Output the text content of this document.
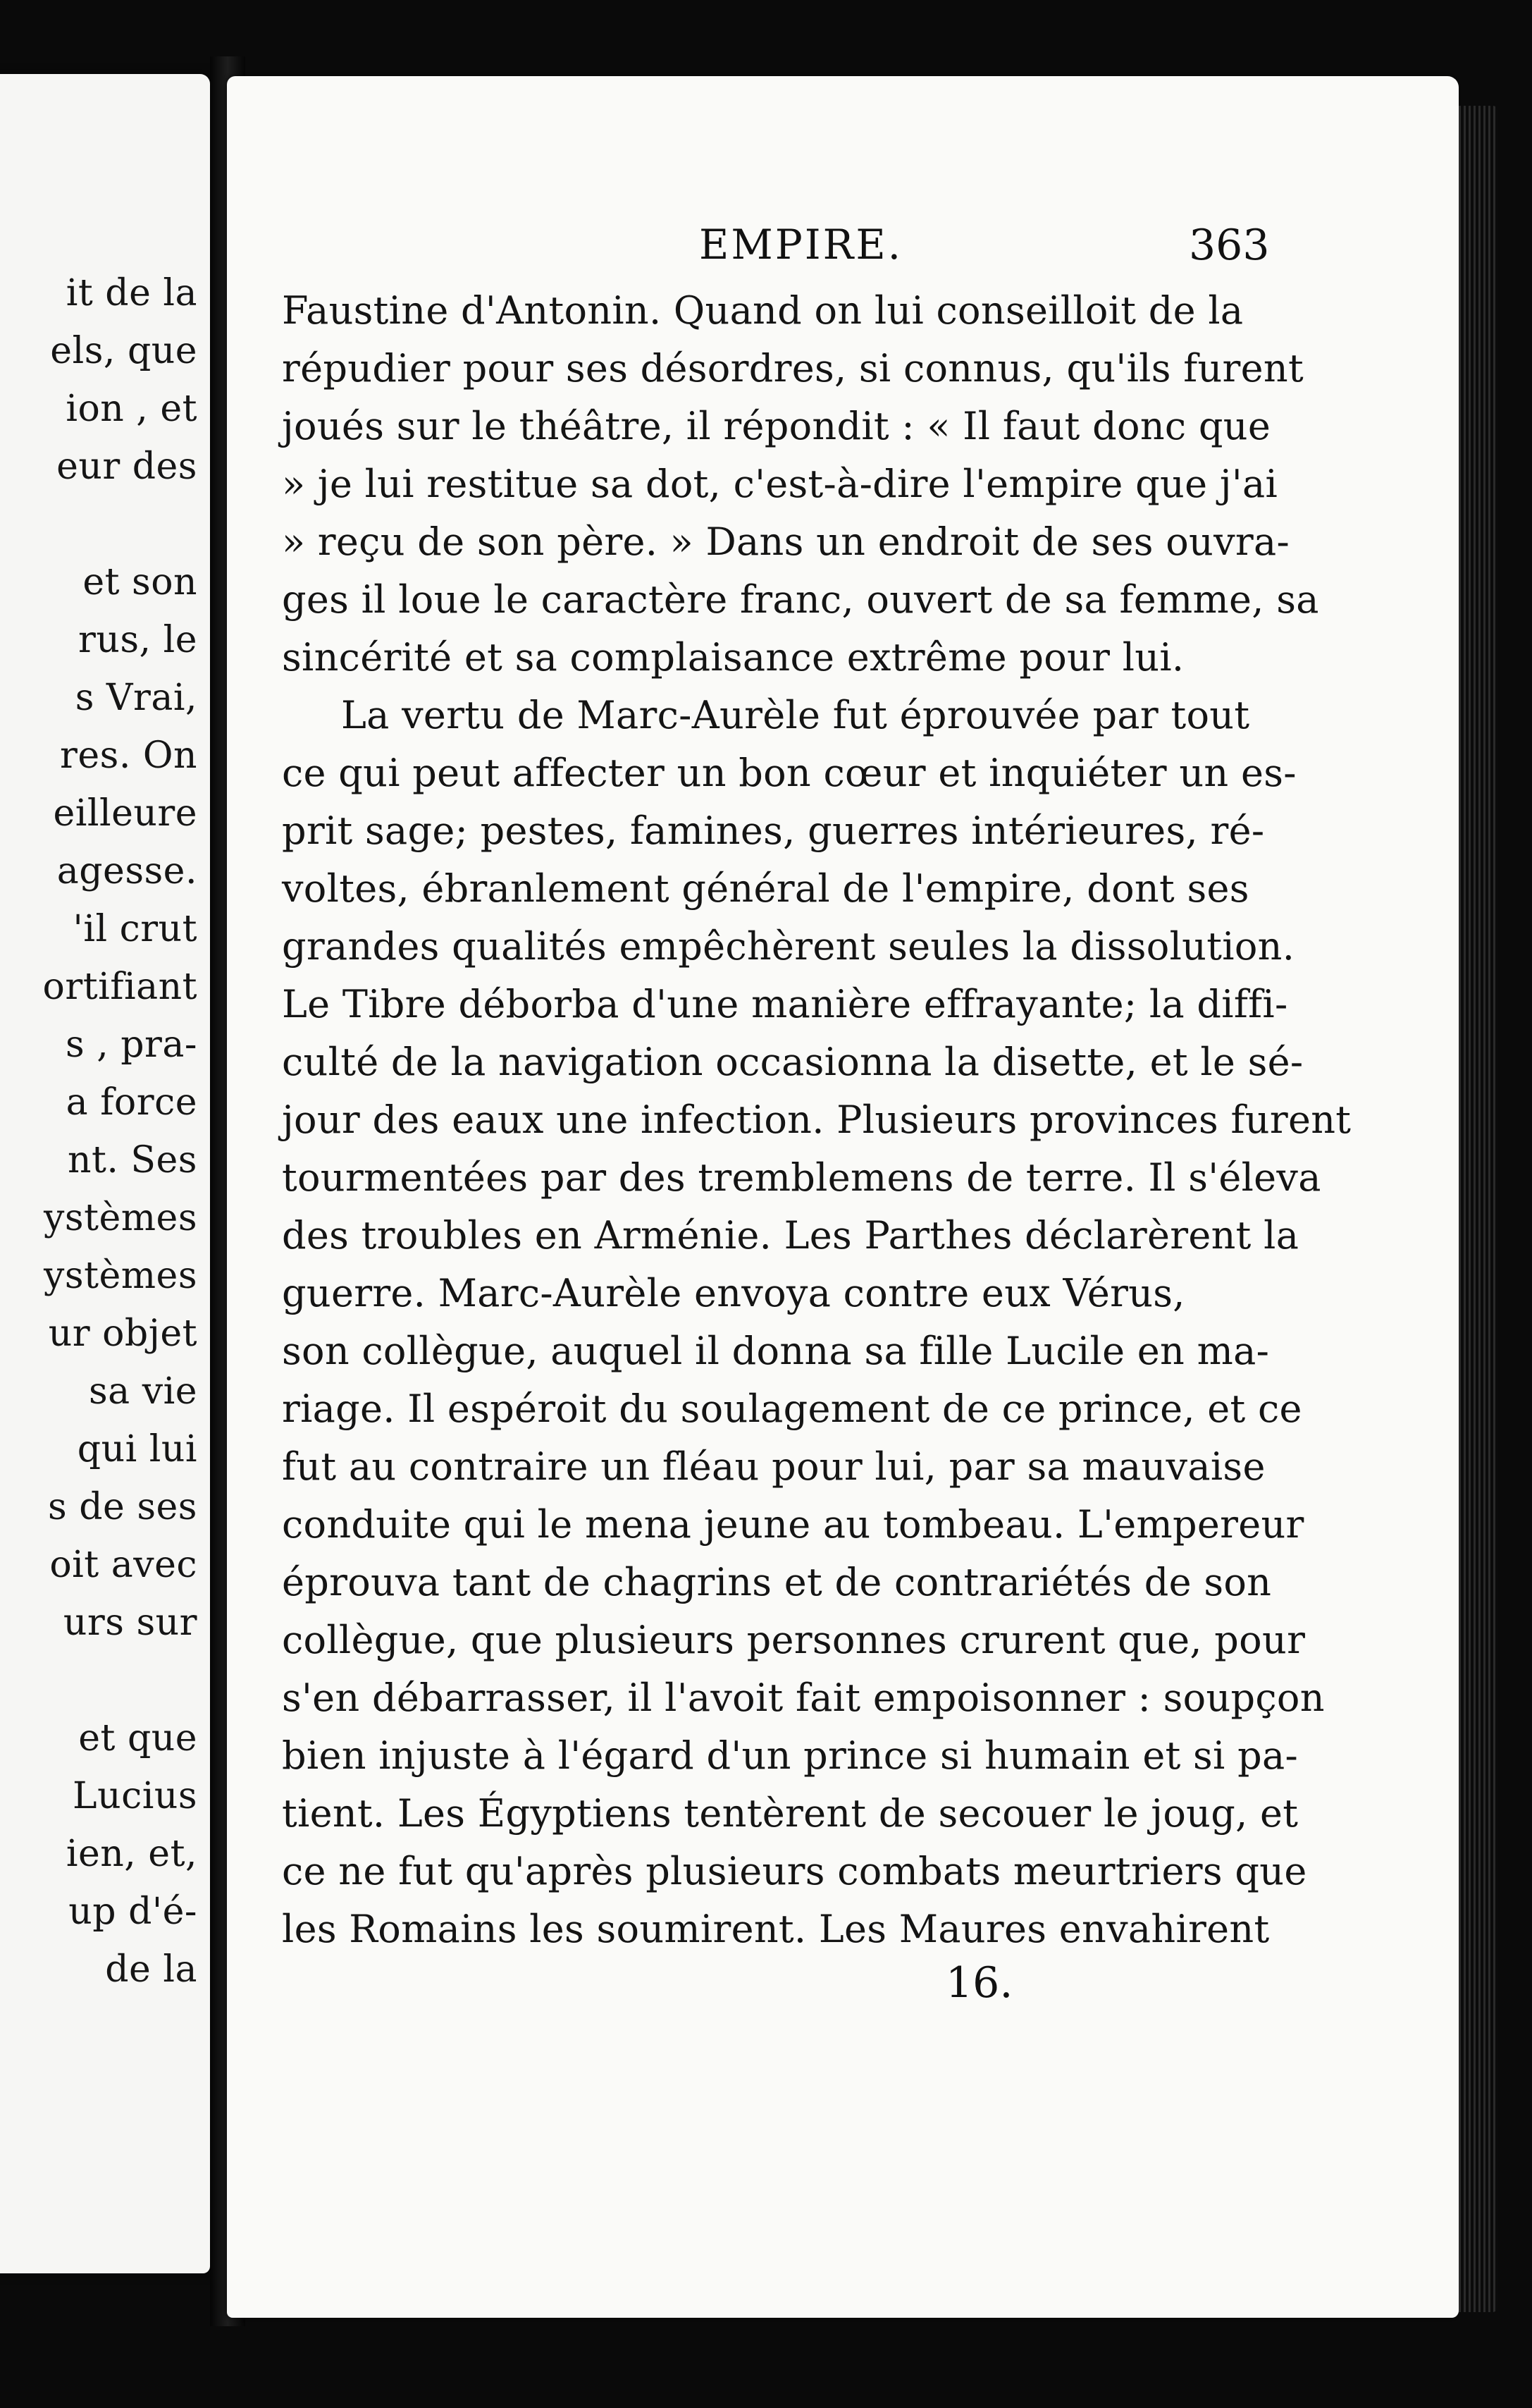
it de la
els, que
ion , et
eur des
et son
rus, le
s Vrai,
res. On
eilleure
agesse.
'il crut
ortifiant
s , pra-
a force
nt. Ses
ystèmes
ystèmes
ur objet
sa vie
qui lui
s de ses
oit avec
urs sur
et que
Lucius
ien, et,
up d'é-
de la
EMPIRE.	363
Faustine d'Antonin. Quand on lui conseilloit de la
répudier pour ses désordres, si connus, qu'ils furent
joués sur le théâtre, il répondit : « Il faut donc que
» je lui restitue sa dot, c'est-à-dire l'empire que j'ai
» reçu de son père. » Dans un endroit de ses ouvra-
ges il loue le caractère franc, ouvert de sa femme, sa
sincérité et sa complaisance extrême pour lui.
La vertu de Marc-Aurèle fut éprouvée par tout
ce qui peut affecter un bon cœur et inquiéter un es-
prit sage; pestes, famines, guerres intérieures, ré-
voltes, ébranlement général de l'empire, dont ses
grandes qualités empêchèrent seules la dissolution.
Le Tibre déborba d'une manière effrayante; la diffi-
culté de la navigation occasionna la disette, et le sé-
jour des eaux une infection. Plusieurs provinces furent
tourmentées par des tremblemens de terre. Il s'éleva
des troubles en Arménie. Les Parthes déclarèrent la
guerre. Marc-Aurèle envoya contre eux Vérus,
son collègue, auquel il donna sa fille Lucile en ma-
riage. Il espéroit du soulagement de ce prince, et ce
fut au contraire un fléau pour lui, par sa mauvaise
conduite qui le mena jeune au tombeau. L'empereur
éprouva tant de chagrins et de contrariétés de son
collègue, que plusieurs personnes crurent que, pour
s'en débarrasser, il l'avoit fait empoisonner : soupçon
bien injuste à l'égard d'un prince si humain et si pa-
tient. Les Égyptiens tentèrent de secouer le joug, et
ce ne fut qu'après plusieurs combats meurtriers que
les Romains les soumirent. Les Maures envahirent
16.
